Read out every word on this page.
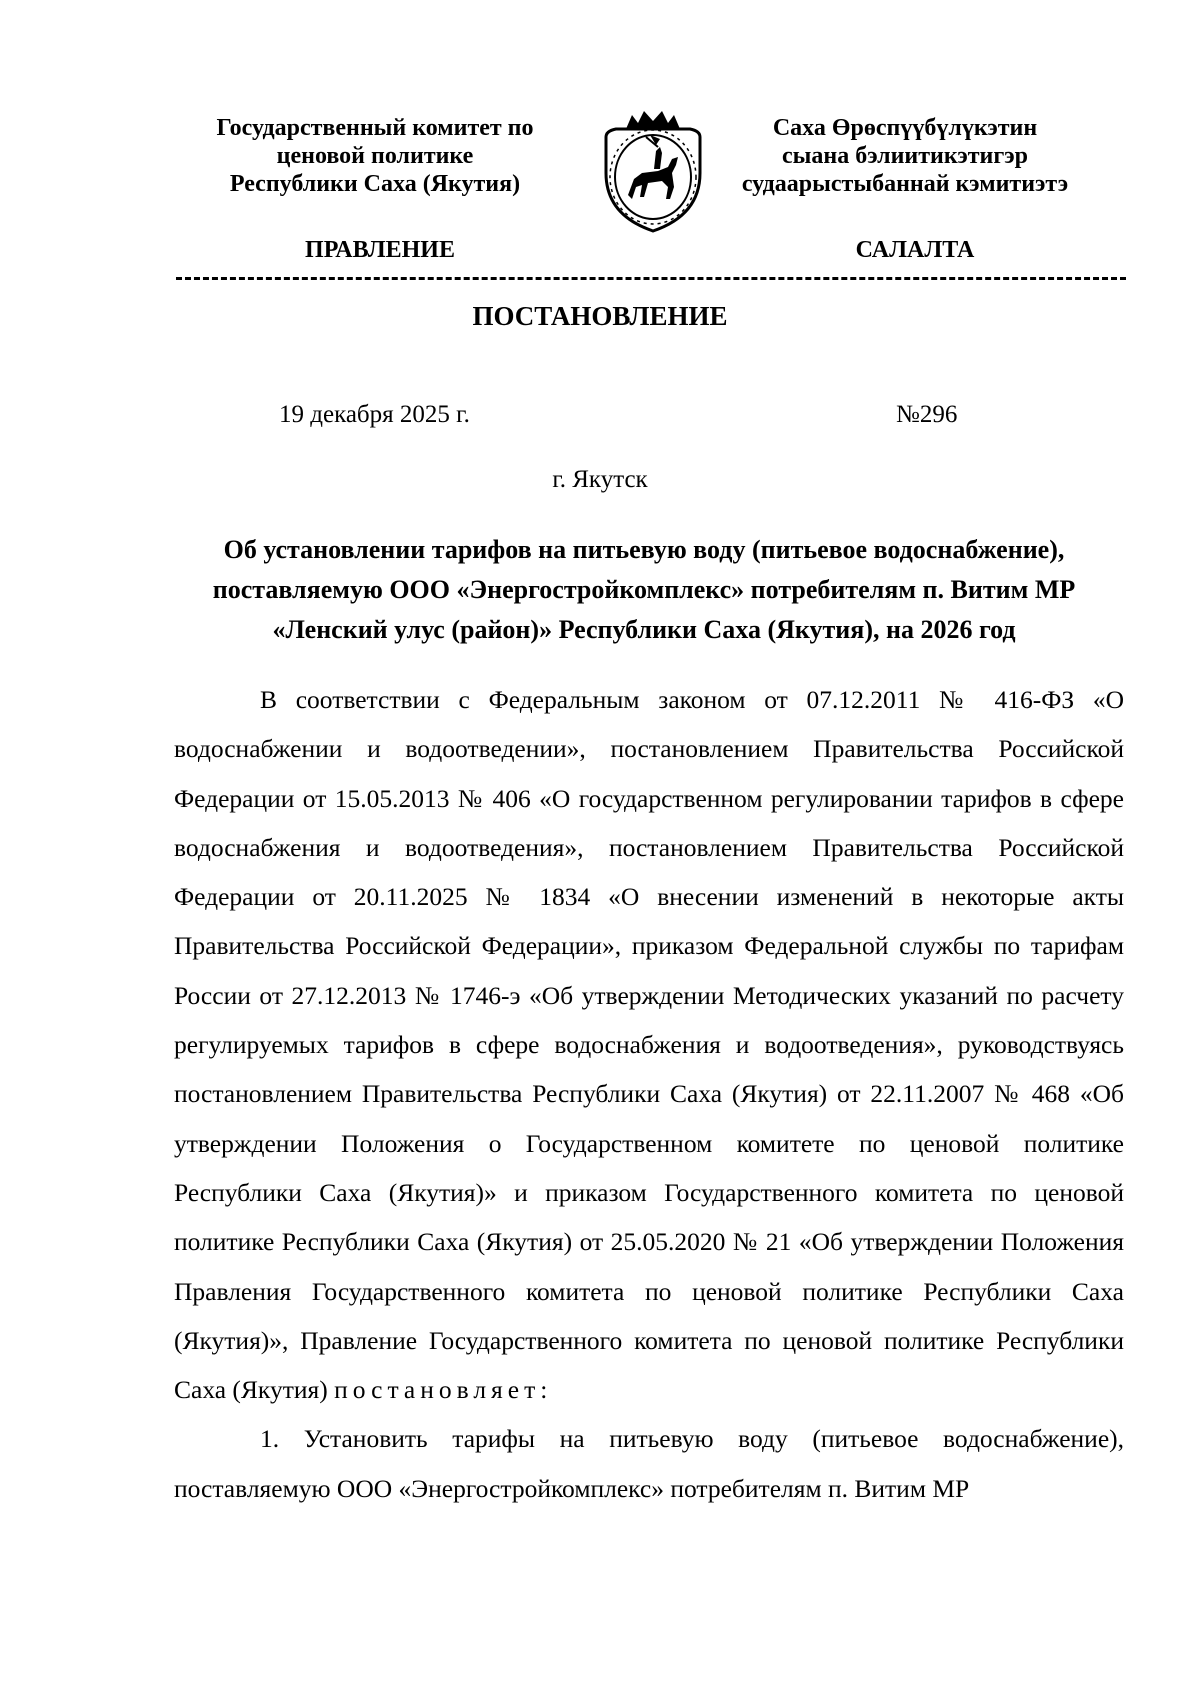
Государственный комитет по
ценовой политике
Республики Саха (Якутия)
Саха Өрөспүүбүлүкэтин
сыана бэлиитикэтигэр
судаарыстыбаннай кэмитиэтэ
ПРАВЛЕНИЕ	САЛАЛТА
ПОСТАНОВЛЕНИЕ
19 декабря 2025 г.	№296
г. Якутск
Об установлении тарифов на питьевую воду (питьевое водоснабжение),
поставляемую ООО «Энергостройкомплекс» потребителям п. Витим МР
«Ленский улус (район)» Республики Саха (Якутия), на 2026 год

В соответствии с Федеральным законом от 07.12.2011 № 416-ФЗ «О водоснабжении и водоотведении», постановлением Правительства Российской Федерации от 15.05.2013 № 406 «О государственном регулировании тарифов в сфере водоснабжения и водоотведения», постановлением Правительства Российской Федерации от 20.11.2025 № 1834 «О внесении изменений в некоторые акты Правительства Российской Федерации», приказом Федеральной службы по тарифам России от 27.12.2013 № 1746-э «Об утверждении Методических указаний по расчету регулируемых тарифов в сфере водоснабжения и водоотведения», руководствуясь постановлением Правительства Республики Саха (Якутия) от 22.11.2007 № 468 «Об утверждении Положения о Государственном комитете по ценовой политике Республики Саха (Якутия)» и приказом Государственного комитета по ценовой политике Республики Саха (Якутия) от 25.05.2020 № 21 «Об утверждении Положения Правления Государственного комитета по ценовой политике Республики Саха (Якутия)», Правление Государственного комитета по ценовой политике Республики Саха (Якутия) постановляет:

1. Установить тарифы на питьевую воду (питьевое водоснабжение), поставляемую ООО «Энергостройкомплекс» потребителям п. Витим МР
